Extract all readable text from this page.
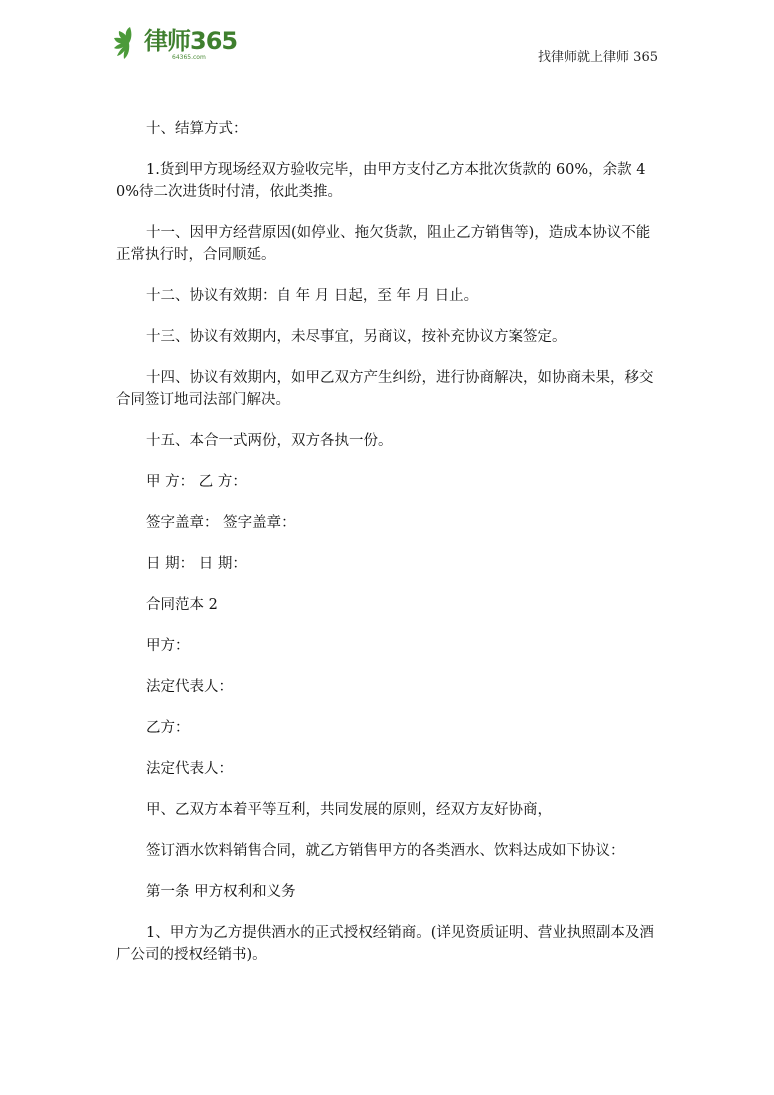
律师365
64365.com	找律师就上律师 365

十、结算方式：

1.货到甲方现场经双方验收完毕，由甲方支付乙方本批次货款的 60%，余款 40%待二次进货时付清，依此类推。

十一、因甲方经营原因(如停业、拖欠货款，阻止乙方销售等)，造成本协议不能正常执行时，合同顺延。

十二、协议有效期：自 年 月 日起，至 年 月 日止。

十三、协议有效期内，未尽事宜，另商议，按补充协议方案签定。

十四、协议有效期内，如甲乙双方产生纠纷，进行协商解决，如协商未果，移交合同签订地司法部门解决。

十五、本合一式两份，双方各执一份。

甲 方： 乙 方：

签字盖章： 签字盖章：

日 期： 日 期：

合同范本 2

甲方：

法定代表人：

乙方：

法定代表人：

甲、乙双方本着平等互利，共同发展的原则，经双方友好协商，

签订酒水饮料销售合同，就乙方销售甲方的各类酒水、饮料达成如下协议：

第一条 甲方权利和义务

1、甲方为乙方提供酒水的正式授权经销商。(详见资质证明、营业执照副本及酒厂公司的授权经销书)。
